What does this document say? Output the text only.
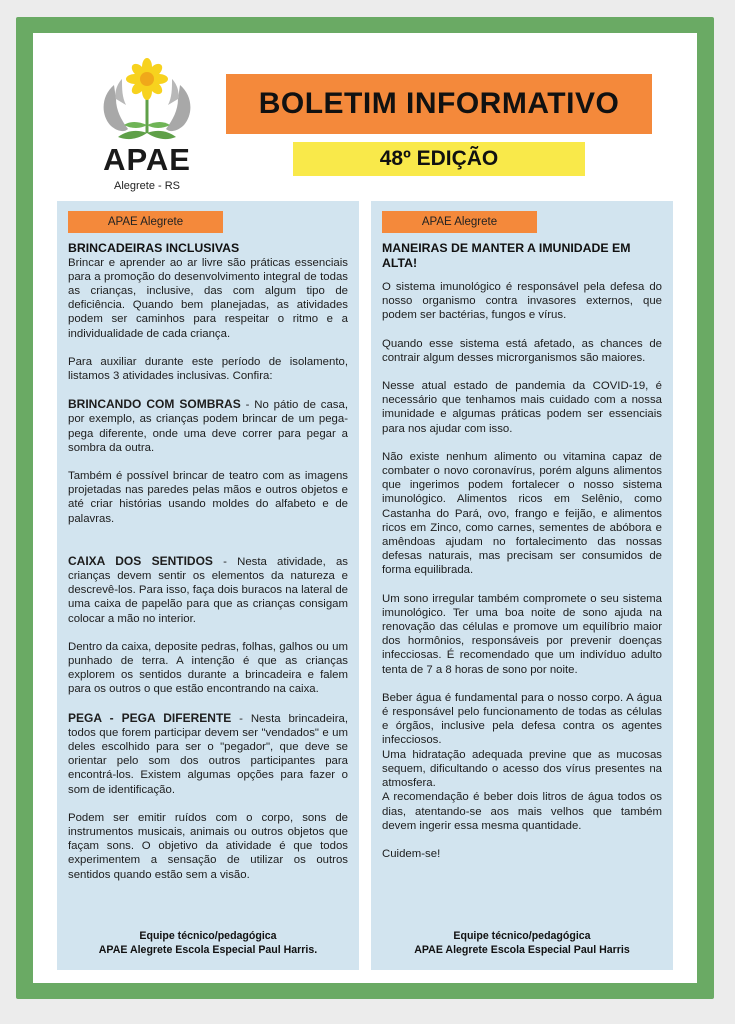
APAE
Alegrete - RS
BOLETIM INFORMATIVO
48º EDIÇÃO
APAE Alegrete
BRINCADEIRAS INCLUSIVAS

Brincar e aprender ao ar livre são práticas essenciais para a promoção do desenvolvimento integral de todas as crianças, inclusive, das com algum tipo de deficiência. Quando bem planejadas, as atividades podem ser caminhos para respeitar o ritmo e a individualidade de cada criança.

Para auxiliar durante este período de isolamento, listamos 3 atividades inclusivas. Confira:

BRINCANDO COM SOMBRAS - No pátio de casa, por exemplo, as crianças podem brincar de um pega-pega diferente, onde uma deve correr para pegar a sombra da outra.

Também é possível brincar de teatro com as imagens projetadas nas paredes pelas mãos e outros objetos e até criar histórias usando moldes do alfabeto e de palavras.

CAIXA DOS SENTIDOS - Nesta atividade, as crianças devem sentir os elementos da natureza e descrevê-los. Para isso, faça dois buracos na lateral de uma caixa de papelão para que as crianças consigam colocar a mão no interior.

Dentro da caixa, deposite pedras, folhas, galhos ou um punhado de terra. A intenção é que as crianças explorem os sentidos durante a brincadeira e falem para os outros o que estão encontrando na caixa.

PEGA - PEGA DIFERENTE - Nesta brincadeira, todos que forem participar devem ser "vendados" e um deles escolhido para ser o "pegador", que deve se orientar pelo som dos outros participantes para encontrá-los. Existem algumas opções para fazer o som de identificação.

Podem ser emitir ruídos com o corpo, sons de instrumentos musicais, animais ou outros objetos que façam sons. O objetivo da atividade é que todos experimentem a sensação de utilizar os outros sentidos quando estão sem a visão.

Equipe técnico/pedagógica
APAE Alegrete Escola Especial Paul Harris.
APAE Alegrete
MANEIRAS DE MANTER A IMUNIDADE EM ALTA!

O sistema imunológico é responsável pela defesa do nosso organismo contra invasores externos, que podem ser bactérias, fungos e vírus.

Quando esse sistema está afetado, as chances de contrair algum desses microrganismos são maiores.

Nesse atual estado de pandemia da COVID-19, é necessário que tenhamos mais cuidado com a nossa imunidade e algumas práticas podem ser essenciais para nos ajudar com isso.

Não existe nenhum alimento ou vitamina capaz de combater o novo coronavírus, porém alguns alimentos que ingerimos podem fortalecer o nosso sistema imunológico. Alimentos ricos em Selênio, como Castanha do Pará, ovo, frango e feijão, e alimentos ricos em Zinco, como carnes, sementes de abóbora e amêndoas ajudam no fortalecimento das nossas defesas naturais, mas precisam ser consumidos de forma equilibrada.

Um sono irregular também compromete o seu sistema imunológico. Ter uma boa noite de sono ajuda na renovação das células e promove um equilíbrio maior dos hormônios, responsáveis por prevenir doenças infecciosas. É recomendado que um indivíduo adulto tenta de 7 a 8 horas de sono por noite.

Beber água é fundamental para o nosso corpo. A água é responsável pelo funcionamento de todas as células e órgãos, inclusive pela defesa contra os agentes infecciosos.

Uma hidratação adequada previne que as mucosas sequem, dificultando o acesso dos vírus presentes na atmosfera.

A recomendação é beber dois litros de água todos os dias, atentando-se aos mais velhos que também devem ingerir essa mesma quantidade.

Cuidem-se!

Equipe técnico/pedagógica
APAE Alegrete Escola Especial Paul Harris
